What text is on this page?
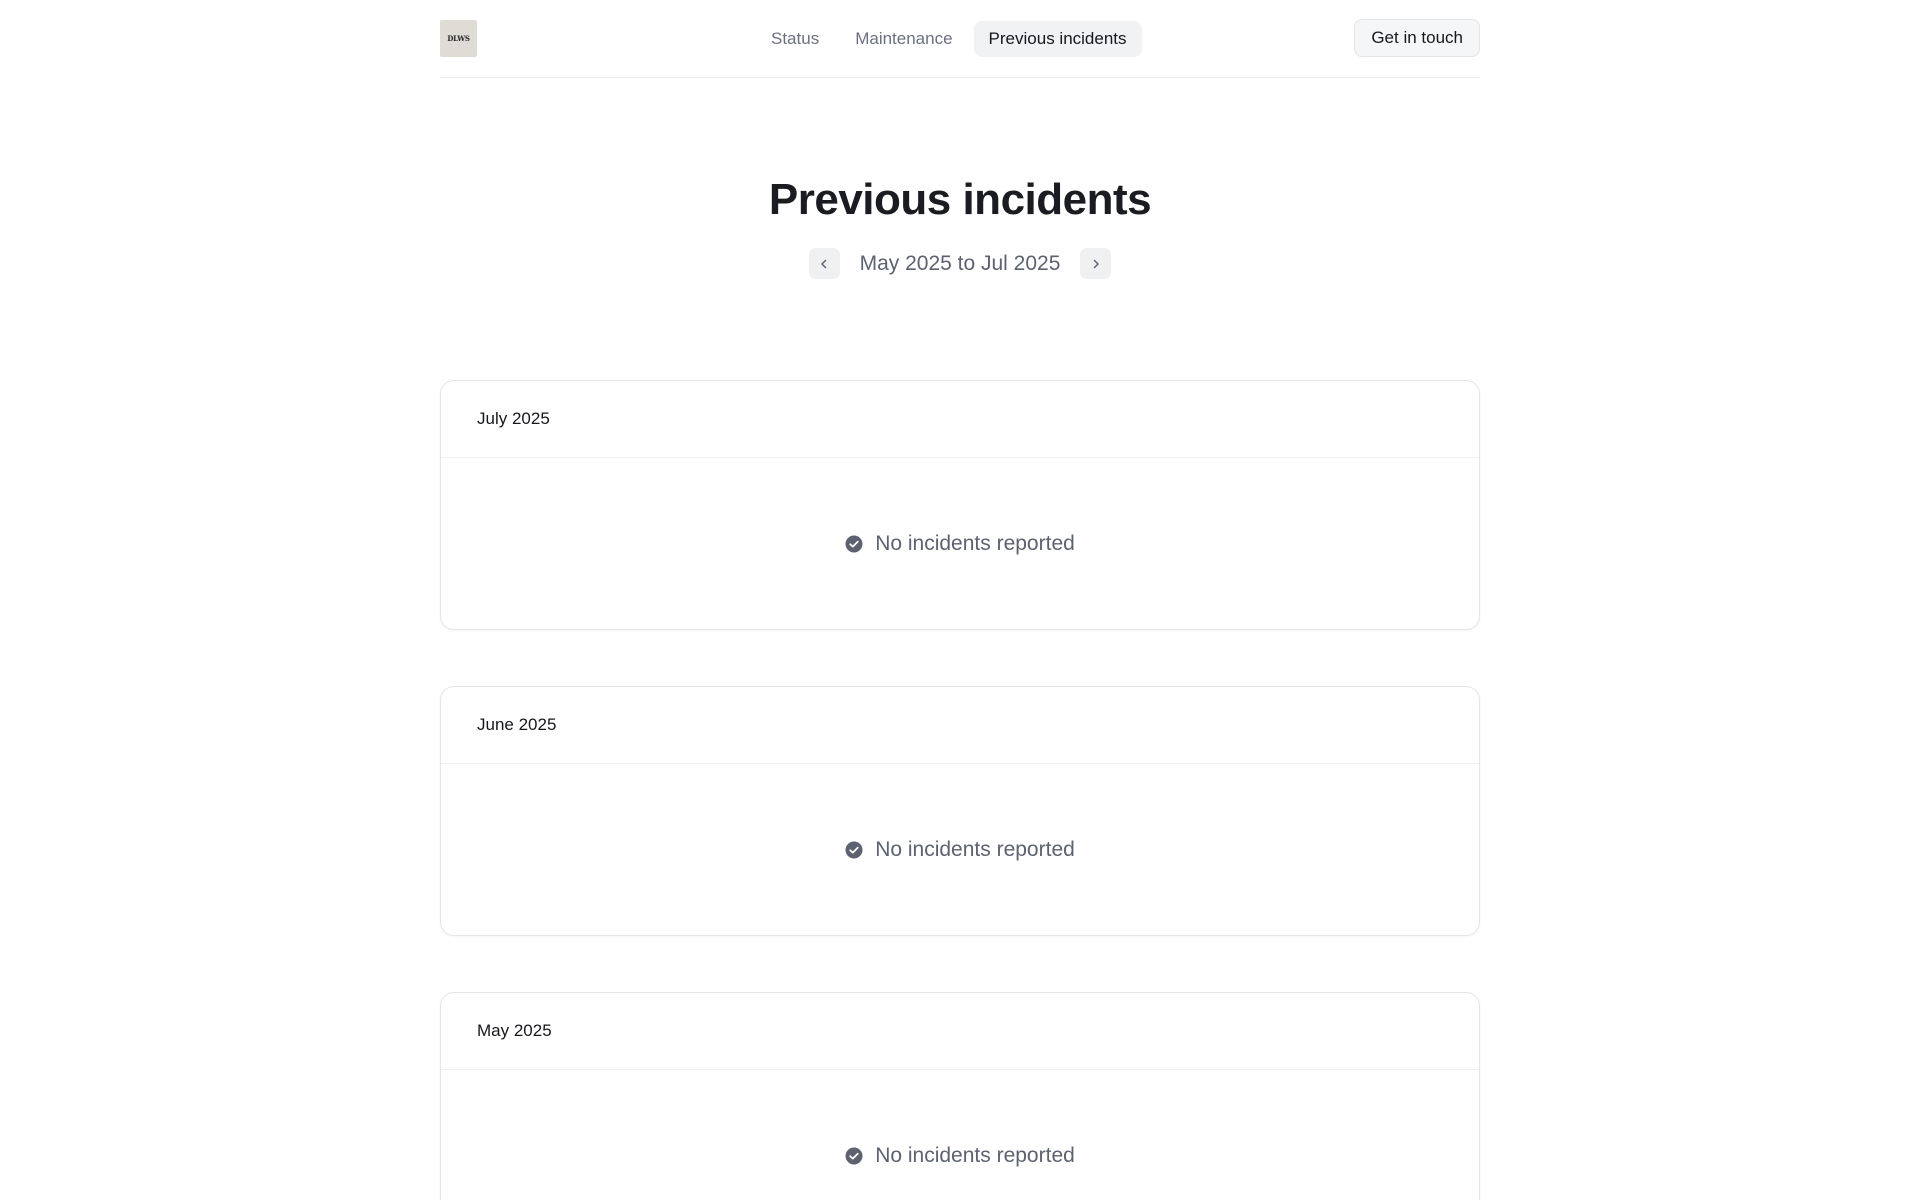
DLWS	Status Maintenance Previous incidents	Get in touch
Previous incidents
May 2025 to Jul 2025
July 2025
No incidents reported
June 2025
No incidents reported
May 2025
No incidents reported
